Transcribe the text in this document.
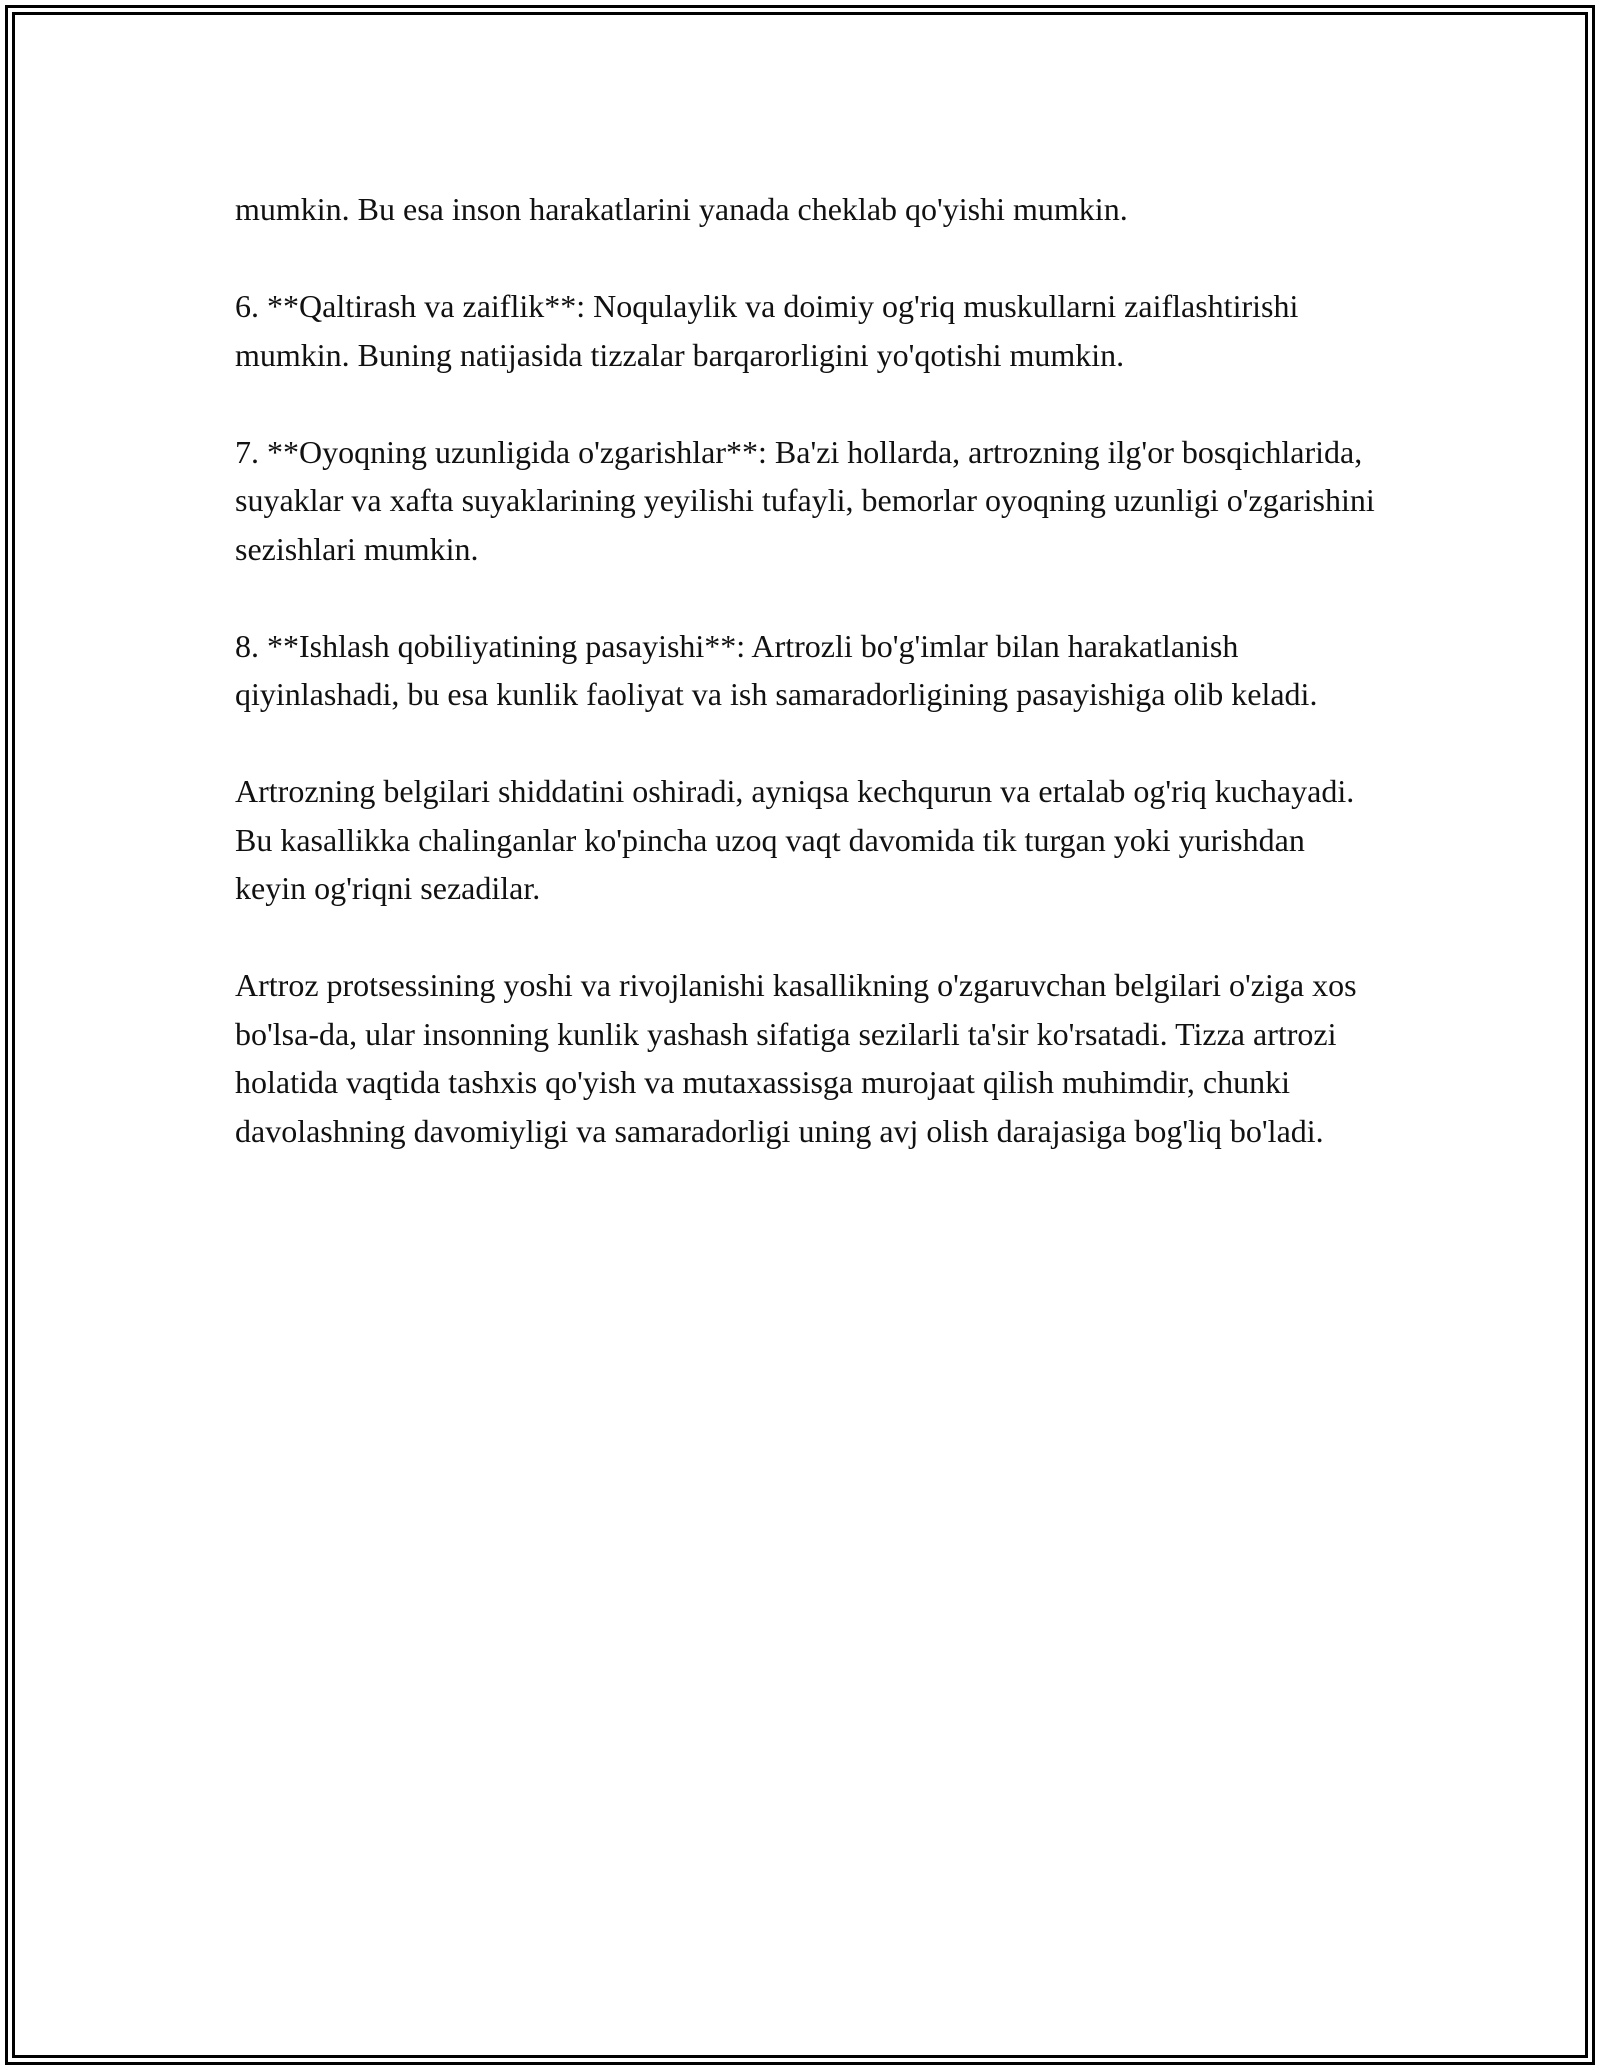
mumkin. Bu esa inson harakatlarini yanada cheklab qo'yishi mumkin.

6. **Qaltirash va zaiflik**: Noqulaylik va doimiy og'riq muskullarni zaiflashtirishi mumkin. Buning natijasida tizzalar barqarorligini yo'qotishi mumkin.

7. **Oyoqning uzunligida o'zgarishlar**: Ba'zi hollarda, artrozning ilg'or bosqichlarida, suyaklar va xafta suyaklarining yeyilishi tufayli, bemorlar oyoqning uzunligi o'zgarishini sezishlari mumkin.

8. **Ishlash qobiliyatining pasayishi**: Artrozli bo'g'imlar bilan harakatlanish qiyinlashadi, bu esa kunlik faoliyat va ish samaradorligining pasayishiga olib keladi.

Artrozning belgilari shiddatini oshiradi, ayniqsa kechqurun va ertalab og'riq kuchayadi. Bu kasallikka chalinganlar ko'pincha uzoq vaqt davomida tik turgan yoki yurishdan keyin og'riqni sezadilar.

Artroz protsessining yoshi va rivojlanishi kasallikning o'zgaruvchan belgilari o'ziga xos bo'lsa-da, ular insonning kunlik yashash sifatiga sezilarli ta'sir ko'rsatadi. Tizza artrozi holatida vaqtida tashxis qo'yish va mutaxassisga murojaat qilish muhimdir, chunki davolashning davomiyligi va samaradorligi uning avj olish darajasiga bog'liq bo'ladi.
